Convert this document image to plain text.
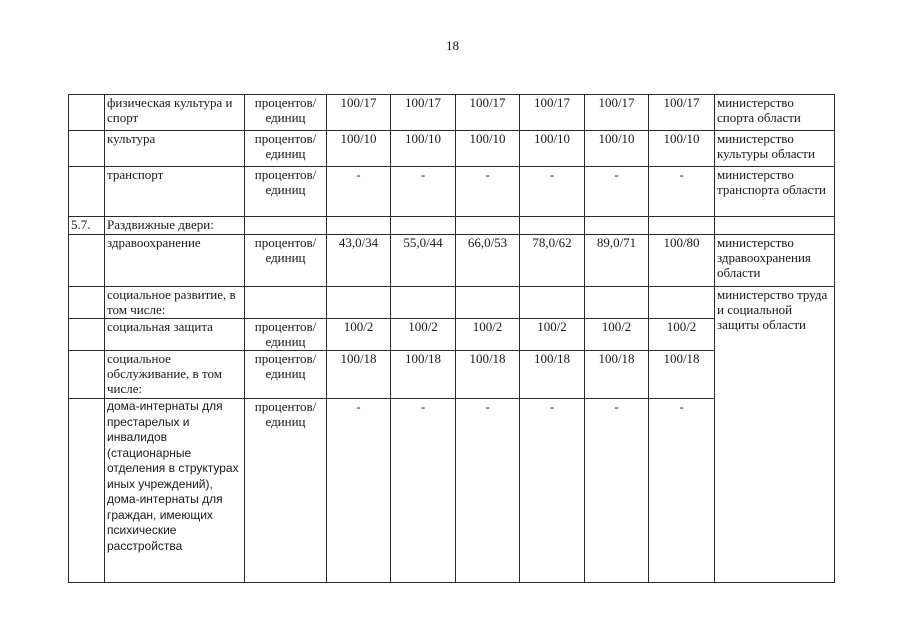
18
	физическая культура и спорт	процентов/ единиц	100/17	100/17	100/17	100/17	100/17	100/17	министерство спорта области
	культура	процентов/ единиц	100/10	100/10	100/10	100/10	100/10	100/10	министерство культуры области
	транспорт	процентов/ единиц	-	-	-	-	-	-	министерство транспорта области
5.7.	Раздвижные двери:								
	здравоохранение	процентов/ единиц	43,0/34	55,0/44	66,0/53	78,0/62	89,0/71	100/80	министерство здравоохранения области
	социальное развитие, в том числе:								министерство труда и социальной защиты области
	социальная защита	процентов/ единиц	100/2	100/2	100/2	100/2	100/2	100/2	
	социальное обслуживание, в том числе:	процентов/ единиц	100/18	100/18	100/18	100/18	100/18	100/18	
	дома-интернаты для престарелых и инвалидов (стационарные отделения в структурах иных учреждений), дома-интернаты для граждан, имеющих психические расстройства	процентов/ единиц	-	-	-	-	-	-	
